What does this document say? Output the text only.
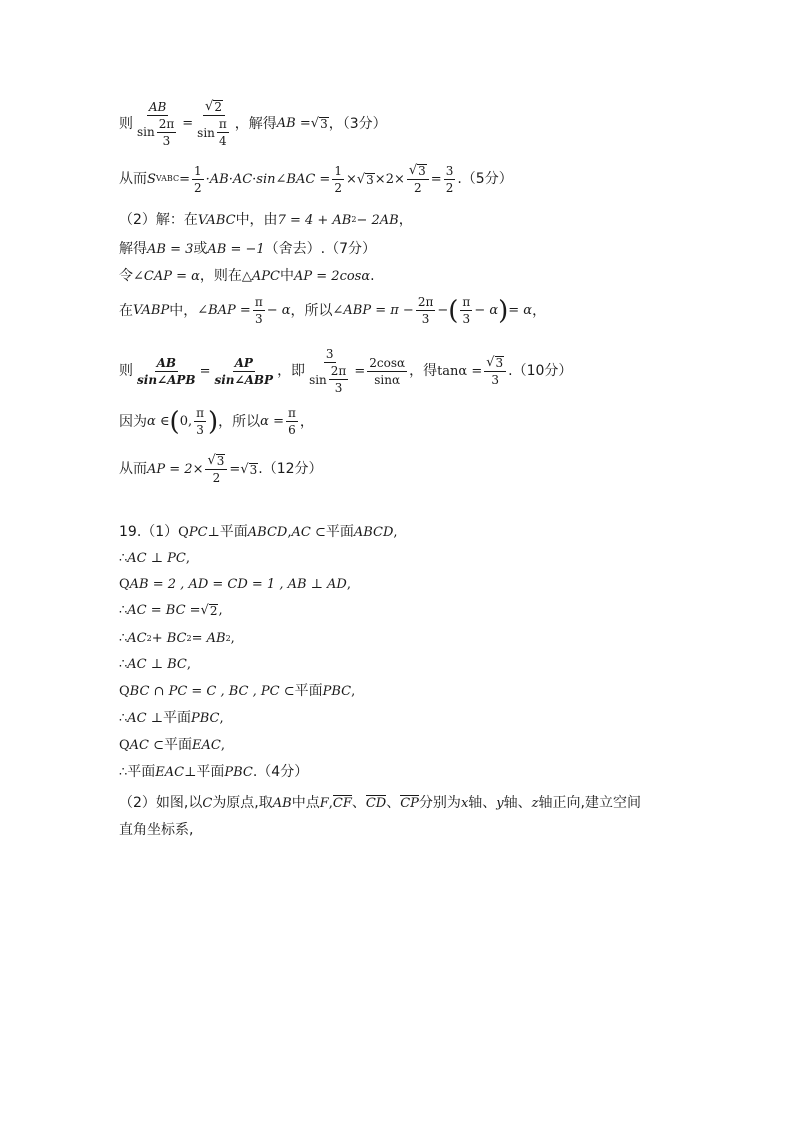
则 $\frac{AB}{\sin \frac{2\pi}{3}} = \frac{√ 2}{\sin \frac{\pi}{4}}$ ，解得 AB = √ 3 ，（3分）
从而 S VABC = $\frac{1}{2}$ ·AB·AC·sin∠BAC = $\frac{1}{2}$ × √ $3 \times 2\times \frac{√ 3}{2} = \frac{3}{2} .(5$分）
（2）解：在 VABC 中，由 7 = 4 + AB 2 − 2AB ，
解得 AB = 3 或 AB = −1 （舍去）.（7分）
令 ∠CAP = α ，则在 △APC 中 AP = 2cosα .
在 VABP 中， ∠BAP = $\frac{\pi}{3} - \alpha$ ，所以 ∠ABP = $\pi - \frac{2\pi}{3}$ − ( $\frac{\pi}{3} - \alpha$ ) = α ，
则 $\frac{AB}{\text{sin∠APB}} = \frac{AP}{\text{sin∠ABP}}$ ，即 $\frac{3}{\sin \frac{2\pi}{3}} = \frac{2\cos\alpha}{\sin\alpha}$ ，得 $\tan\alpha = \frac{√ 3}{3} .(10$分）
因为 α ∈ ( 0, $\frac{\pi}{3}$ ) ，所以 $\alpha = \frac{\pi}{6}$ ，
从而 AP = $2\times \frac{√ 3}{2}$ = √ 3 .（12分）
19.（1） Q PC ⊥ 平面 ABCD , AC ⊂ 平面 ABCD ,
∴ AC ⊥ PC ,
Q AB = 2 , AD = CD = 1 , AB ⊥ AD ,
∴ AC = BC = √ 2 ,
∴ AC 2 + BC 2 = AB 2 ,
∴ AC ⊥ BC ,
Q BC ∩ PC = C , BC , PC ⊂ 平面 PBC ,
∴ AC ⊥ 平面 PBC ,
Q AC ⊂ 平面 EAC ,
∴ 平面 EAC ⊥ 平面 PBC .（4分）
（2）如图,以 C 为原点,取 AB 中点 F , CF 、 CD 、 CP 分别为 x 轴、 y 轴、 z 轴正向,建立空间
直角坐标系,
